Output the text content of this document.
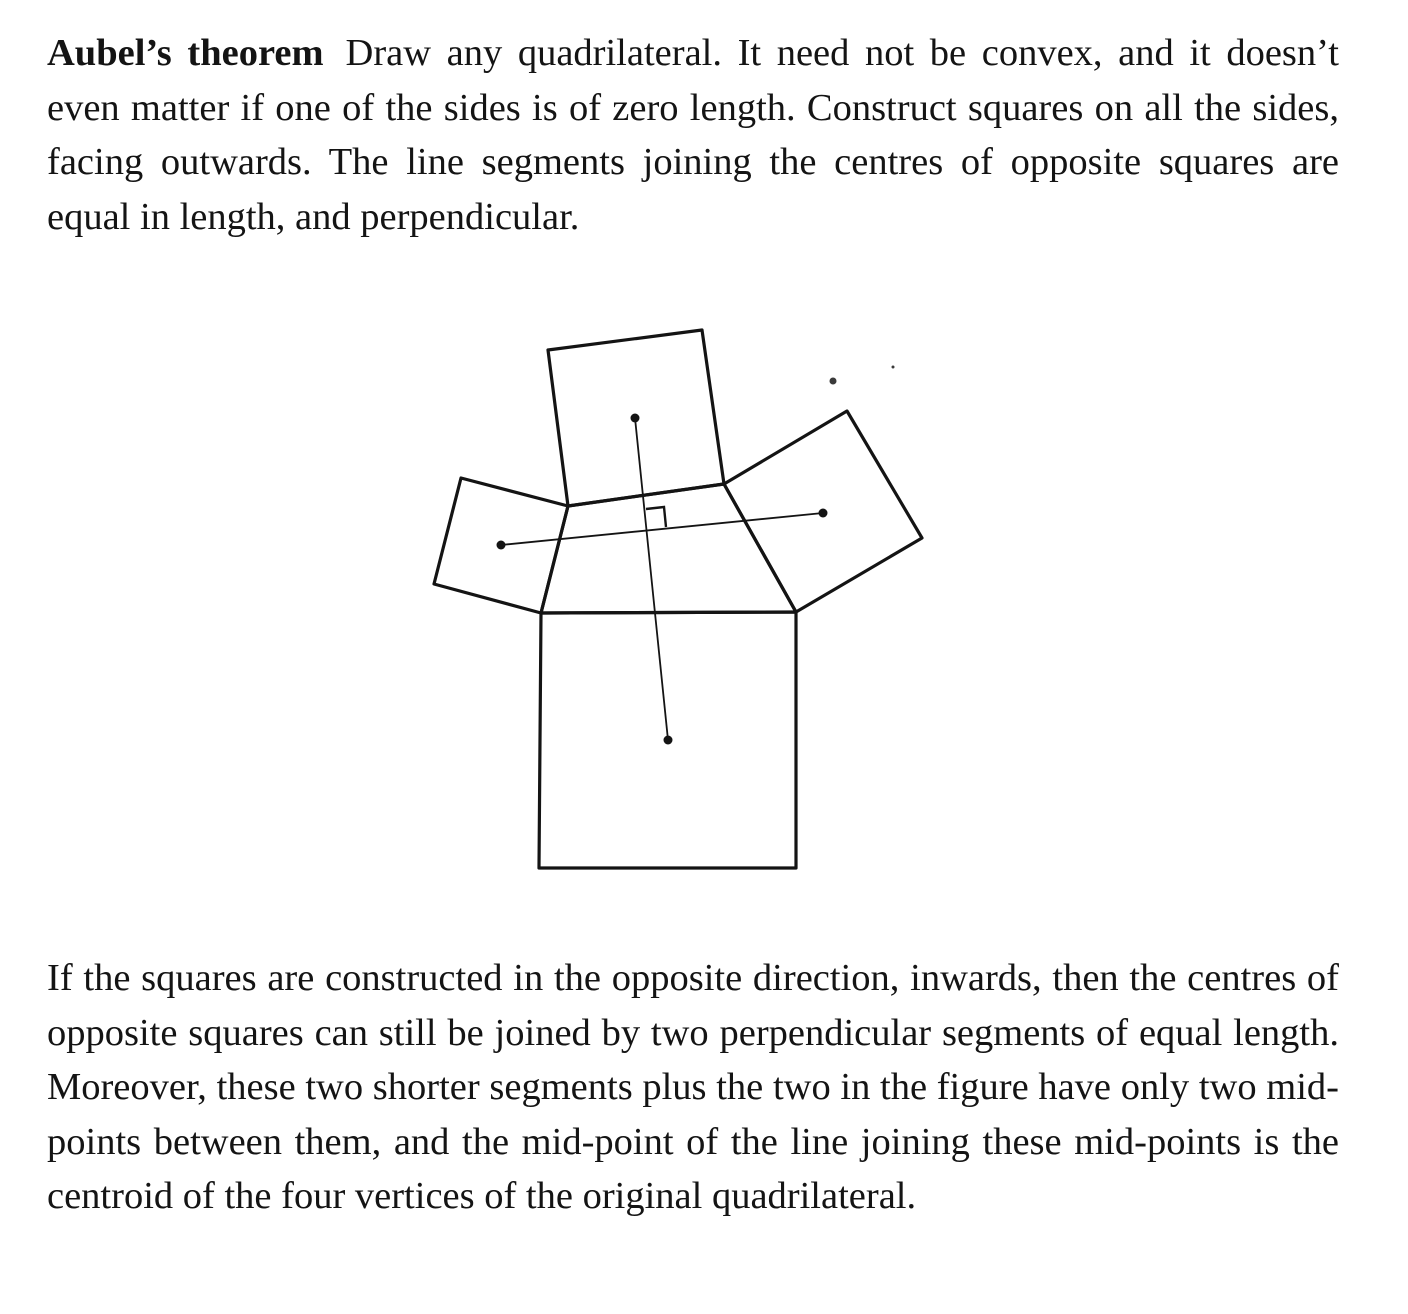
Aubel’s theorem Draw any quadrilateral. It need not be convex, and it doesn’t even matter if one of the sides is of zero length. Construct squares on all the sides, facing outwards. The line segments joining the centres of opposite squares are equal in length, and perpendicular.

If the squares are constructed in the opposite direction, inwards, then the centres of opposite squares can still be joined by two perpendicular segments of equal length. Moreover, these two shorter segments plus the two in the figure have only two mid-points between them, and the mid-point of the line joining these mid-points is the centroid of the four vertices of the original quadrilateral.
